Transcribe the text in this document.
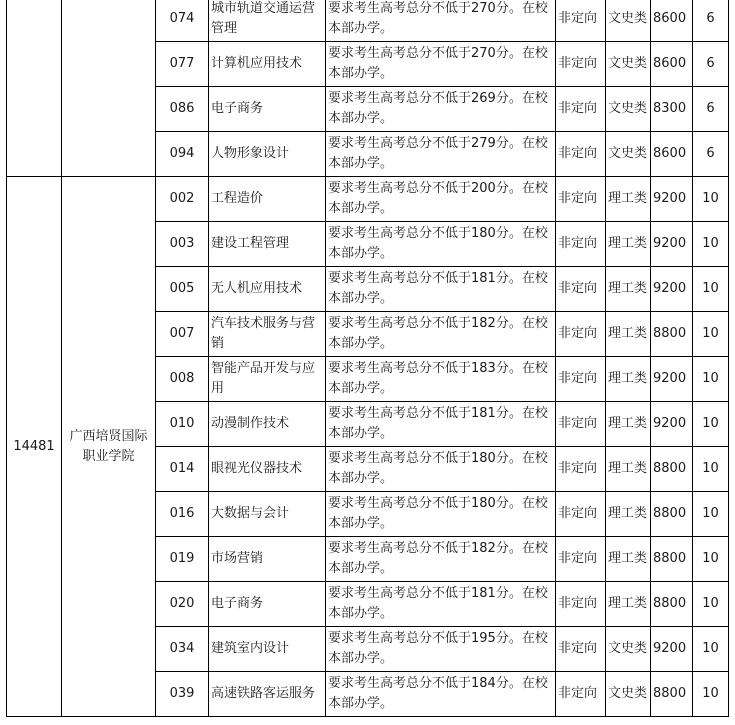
		074	城市轨道交通运营管理	要求考生高考总分不低于270分。在校本部办学。	非定向	文史类	8600	6
		077	计算机应用技术	要求考生高考总分不低于270分。在校本部办学。	非定向	文史类	8600	6
		086	电子商务	要求考生高考总分不低于269分。在校本部办学。	非定向	文史类	8300	6
		094	人物形象设计	要求考生高考总分不低于279分。在校本部办学。	非定向	文史类	8600	6
14481	广西培贤国际职业学院	002	工程造价	要求考生高考总分不低于200分。在校本部办学。	非定向	理工类	9200	10
		003	建设工程管理	要求考生高考总分不低于180分。在校本部办学。	非定向	理工类	9200	10
		005	无人机应用技术	要求考生高考总分不低于181分。在校本部办学。	非定向	理工类	9200	10
		007	汽车技术服务与营销	要求考生高考总分不低于182分。在校本部办学。	非定向	理工类	8800	10
		008	智能产品开发与应用	要求考生高考总分不低于183分。在校本部办学。	非定向	理工类	9200	10
		010	动漫制作技术	要求考生高考总分不低于181分。在校本部办学。	非定向	理工类	9200	10
		014	眼视光仪器技术	要求考生高考总分不低于180分。在校本部办学。	非定向	理工类	8800	10
		016	大数据与会计	要求考生高考总分不低于180分。在校本部办学。	非定向	理工类	8800	10
		019	市场营销	要求考生高考总分不低于182分。在校本部办学。	非定向	理工类	8800	10
		020	电子商务	要求考生高考总分不低于181分。在校本部办学。	非定向	理工类	8800	10
		034	建筑室内设计	要求考生高考总分不低于195分。在校本部办学。	非定向	文史类	9200	10
		039	高速铁路客运服务	要求考生高考总分不低于184分。在校本部办学。	非定向	文史类	8800	10
